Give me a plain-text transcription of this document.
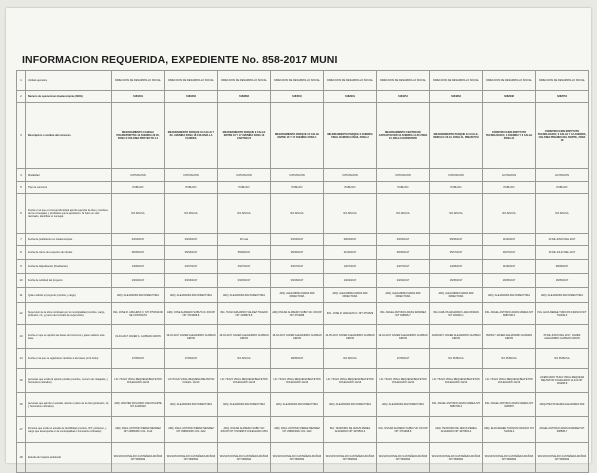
INFORMACION REQUERIDA, EXPEDIENTE No. 858-2017 MUNI
1	Unidad ejecutora	DIRECCION DE DESARROLLO SOCIAL	DIRECCION DE DESARROLLO SOCIAL	DIRECCION DE DESARROLLO SOCIAL	DIRECCION DE DESARROLLO SOCIAL	DIRECCION DE DESARROLLO SOCIAL	DIRECCION DE DESARROLLO SOCIAL	DIRECCION DE DESARROLLO SOCIAL	DIRECCION DE DESARROLLO SOCIAL	DIRECCION DE DESARROLLO SOCIAL
2	Numero de operaciones Guatecompras (NOG)	6184219	6183484	6183883	6184510	6182919	6184251	6464862	6282938	6282554
3	Descripcion o nombre del concurso	MEJORAMIENTO CANCHA POLIDEPORTIVA 10 AVENIDA 23-35, ZONA 6 COLONIA PROYECTO 4-1	MEJORAMIENTO PARQUE 10 CALLE Y 8A. AVENIDA ZONA 18 COLONIA LA FLORIDA	MEJORAMIENTO PARQUE 9 CALLE ENTRE 18 Y 17 AVENIDA ZONA 16 CANTON 21	MEJORAMIENTO PARQUE 12 CALLE ENTRE 16 Y 17 AVENIDA ZONA 1	MEJORAMIENTO PARQUE 6 AVENIDA FINAL RAMON CAÑAS, ZONA 2	MEJORAMIENTO CENTRO DE CAPACITACION 16 AVENIDA 11-56 ZONA 21, BELLO HORIZONTE	MEJORAMIENTO PARQUE 12 CALLE, MODULO 18-13, ZONA 21, RINABUYSI	CONSTRUCCION INSTITUTO TECNOLOGICO, 4 AVENIDA Y 6 CALLE ZONA 21	CONSTRUCCION INSTITUTO TECNOLOGICO, 6 CALLE Y 12 AVENIDA, COLONIA PINARES DEL NORTE, ZONA 18
4	Modalidad	COTIZACION	COTIZACION	COTIZACION	COTIZACION	COTIZACION	COTIZACION	COTIZACION	LICITACION	LICITACION
5	Tipo de concurso	PUBLICO	PUBLICO	PUBLICO	PUBLICO	PUBLICO	PUBLICO	PUBLICO	PUBLICO	PUBLICO
6	Fecha en el que el concejo Municipal aprobo ejecutar la obra y nombres de los concejales y sindicatos que la aprobaron. Si hubo un voto razonado, identificar el concejal.	NO APLICA	NO APLICA	NO APLICA	NO APLICA	NO APLICA	NO APLICA	NO APLICA	NO APLICA	NO APLICA
7	Fecha de publicacion en Guatecompras	03/03/2017	03/03/2017	03 mas	03/03/2017	08/03/2017	03/03/2017	05/06/2017	11/06/2017	20 DE JUNIO DEL 2017
8	Fecha de cierre de recepcion de ofertas	05/06/2017	05/06/2017	05/06/2017	05/06/2017	21/06/2017	05/06/2017	05/07/2017	16/07/2017	26 DE JULIO DEL 2017
9	Fecha de Adjudicacion (finalizacion)	14/06/2017	03/07/2017	03/07/2017	03/07/2017	14/07/2017	04/07/2017	14/08/2017	11/08/2017	08/09/2017
10	Fecha de solicitud del proyecto	23/02/2017	03/03/2017	03/03/2017	03/03/2017	24/04/2017	24/04/2017	16/05/2017	16/05/2017	16/05/2017
11	Quien solicito el proyecto (nombre y cargo)	ARQ. ALEJANDRA PAZ DIRECTORA	ARQ. ALEJANDRA PAZ DIRECTORA	ARQ. ALEJANDRA PAZ DIRECTORA	ARQ. ALEJANDRA MARIA PAZ DIRECTORA	ARQ. ALEJANDRA MARIA PAZ DIRECTORA	ARQ. ALEJANDRA MARIA PAZ DIRECTORA	ARQ. ALEJANDRA MARIA PAZ DIRECTORA	ARQ. ALEJANDRA PAZ DIRECTORA	ARQ. ALEJANDRA PAZ DIRECTORA
12	Supervisor de la obra nombrado por la municipalidad (nombre, cargo, profesion, nit, y precio del contrato de supervision)	ING. JOSE R. ARGUETA O. NIT 3751529-90 SE CONTRATO	ARQ. JOSE ALFREDO SUBUYUC JOCOP NIT 3719998-8	ING. HUGO EDUARDO VALDEZ TOLEDO NIT 4198874-8	ARQ.OSCAR ALFREDO SUBUYUC JOCOP NIT 3719998	ING. JOSE R. ARGUETA O. NIT 3751529	ING. ANGEL ANTONIO ARIAS RAMIREZ NIT 308508-7	ING.CARLOS EDUARDO LARA MORAN NIT 261663-1	ING. ANGEL ANTONIO ARIAS MAREA NIT 8089708-3	ING. ELVA RENEE TURCIOS FRANCO NIT 702049-3
13	Fecha en que se aprobo las bases del concurso y quien elaboro esta base	19-04-2017 JAVIER A. GUZMAN GIRON	19-04-2017 JAVIER ALEJANDRO GUZMAN GIRON	18-04-2017 JAVIER ALEJANDRO GUZMAN GIRON	18-04-2017 JAVIER ALEJANDRO GUZMAN GIRON	10-05-2017 JAVIER ALEJANDRO GUZMAN GIRON	19-04-2017 JAVIER ALEJANDRO GUZMAN GIRON	14/06/2017 JAVIER ALEJANDRO GUZMAN GIRON	05/06/17 JAVIER ALEJANDRO GUZMAN GIRON	05 DE JUNIO DEL 2017, JAVIER ALEJANDRO GUZMAN GIRON
14	Fecha en la que se registraron cambios a las bases (si la hubo)	17/05/2017	17/05/2017	NO APLICA	18/05/2017	NO APLICA	17/05/2017	NO PUBLICA	NO PUBLICA	NO PUBLICA
15	personas que emitio la opinion juridica (nombre, numero de colegiado, y honorarios cobrados)	LIC. HUGO VIDAL REQUENA BELTETON COLEGIADO 11213	LIC HUGO VIDAL REQUENA BELTETON COLEG. 11213	LIC. HUGO VIDAL REQUENA BELTETON COLEGIADO 11213	LIC. HUGO VIDAL REQUENA BELTETON COLEGIADO 11213	LIC. HUGO VIDAL REQUENA BELTETON COLEGIADO 11213	LIC. HUGO VIDAL REQUENA BELTETON COLEGIADO 11213	LIC. HUGO VIDAL REQUENA BELTETON COLEGIADO 11213	LIC. HUGO VIDAL REQUENA BELTETON COLEGIADO 11213	LICENCIADO HUGO VIDAL REQUENA BELTETON COLEGIADO 11,213 NIT 181296-8
16	personas que aprobo el estudio, diseño o plano de la obra (profesion, nit, y honorarios cobrados)	ARQ. WALTER ROLANDO LIMA DUARTE NIT 41266118	ARQ. ALEJANDRA PAZ DIRECTORA	ARQ. ALEJANDRA PAZ DIRECTORA	ARQ. ALEJANDRA PAZ DIRECTORA	ARQ. ALEJANDRA PAZ DIRECTORA	ARQ. ALEJANDRA PAZ DIRECTORA	ING. ANGEL ANTONIO ARIAS MAREA NIT 8089708-3	ING. ANGEL ANTONIO ARIAS MAREA NIT 3205587	ARQUITECTA MARIA ALEJANDRA PAZ
17	Persona que emitio el estudio de factibilidad (nombre, NIT, profesion, y cargo que desempeña en la municipalidad o honorarios cobrados)	ARQ. RAUL ANTONIO PEREZ MENDEZ NIT 2986630K COL. 1112	ARQ. RAUL ANTONIO PEREZ MENDEZ NIT 29866300K COL 1112	ARQ. OSCAR ALFREDO SUBUYUC JOCOP NIT 3719998 8 COLEGIADO 2351	ARQ. RAUL ANTONIO PEREZ MENDEZ NIT 29866300K COL 1112	ING. TEODORO DE JESUS PEREA ALVARADO NIT 4076503-4	ING. OSCAR ALFREDO SUBUYUC JOCOP NIT 3719998-8	ARQ. TEODORO DE JESUS PEREA ALVARADO NIT 4076503-4	ARQ. ELVA RENEE TURCIOS FRANCO NIT 702049-3	ANGEL ANTONIO ARIAS RAMIREZ NIT 308508-7
18	Estudio de impacto ambiental	WILSON DONALDO CASTAÑEDA MUÑOZ NIT 5690692	WILSON DONALDO CASTAÑEDA MUÑOZ NIT 5690692	WILSON DONALDO CASTAÑEDA MUÑOZ NIT 5690692	WILSON DONALDO CASTAÑEDA MUÑOZ NIT 5690692	WILSON DONALDO CASTAÑEDA MUÑOZ NIT 5690692	WILSON DONALDO CASTAÑEDA MUÑOZ NIT 5690692	WILSON DONALDO CASTAÑEDA MUÑOZ NIT 5690692	WILSON DONALDO CASTAÑEDA MUÑOZ NIT 5690692	WILSON DONALDO CASTAÑEDA MUÑOZ NIT 5690692
